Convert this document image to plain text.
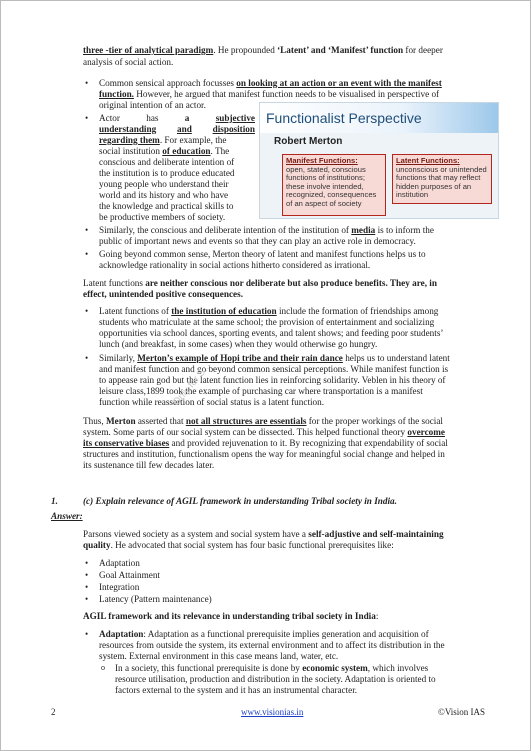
three -tier of analytical paradigm. He propounded ‘Latent’ and ‘Manifest’ function for deeper
analysis of social action.
• Common sensical approach focusses on looking at an action or an event with the manifest
function. However, he argued that manifest function needs to be visualised in perspective of
original intention of an actor.
• Actor	has	a	subjective
understanding and disposition
regarding them. For example, the
social institution of education. The
conscious and deliberate intention of
the institution is to produce educated
young people who understand their
world and its history and who have
the knowledge and practical skills to
be productive members of society.
Functionalist Perspective
Robert Merton
Manifest Functions:
open, stated, conscious functions of institutions; these involve intended, recognized, consequences of an aspect of society
Latent Functions:
unconscious or unintended functions that may reflect hidden purposes of an institution
• Similarly, the conscious and deliberate intention of the institution of media is to inform the
public of important news and events so that they can play an active role in democracy.
• Going beyond common sense, Merton theory of latent and manifest functions helps us to
acknowledge rationality in social actions hitherto considered as irrational.
Latent functions are neither conscious nor deliberate but also produce benefits. They are, in
effect, unintended positive consequences.
• Latent functions of the institution of education include the formation of friendships among
students who matriculate at the same school; the provision of entertainment and socializing
opportunities via school dances, sporting events, and talent shows; and feeding poor students’
lunch (and breakfast, in some cases) when they would otherwise go hungry.
• Similarly, Merton’s example of Hopi tribe and their rain dance helps us to understand latent
and manifest function and go beyond common sensical perceptions. While manifest function is
to appease rain god but the latent function lies in reinforcing solidarity. Veblen in his theory of
leisure class,1899 took the example of purchasing car where transportation is a manifest
function while reassertion of social status is a latent function.
Thus, Merton asserted that not all structures are essentials for the proper workings of the social
system. Some parts of our social system can be dissected. This helped functional theory overcome
its conservative biases and provided rejuvenation to it. By recognizing that expendability of social
structures and institution, functionalism opens the way for meaningful social change and helped in
its sustenance till few decades later.
Only for S...
1.	(c) Explain relevance of AGIL framework in understanding Tribal society in India.
Answer:
Parsons viewed society as a system and social system have a self-adjustive and self-maintaining
quality. He advocated that social system has four basic functional prerequisites like:
• Adaptation
• Goal Attainment
• Integration
• Latency (Pattern maintenance)
AGIL framework and its relevance in understanding tribal society in India:
• Adaptation: Adaptation as a functional prerequisite implies generation and acquisition of
resources from outside the system, its external environment and to affect its distribution in the
system. External environment in this case means land, water, etc.
o In a society, this functional prerequisite is done by economic system, which involves
resource utilisation, production and distribution in the society. Adaptation is oriented to
factors external to the system and it has an instrumental character.
2	www.visionias.in	©Vision IAS
